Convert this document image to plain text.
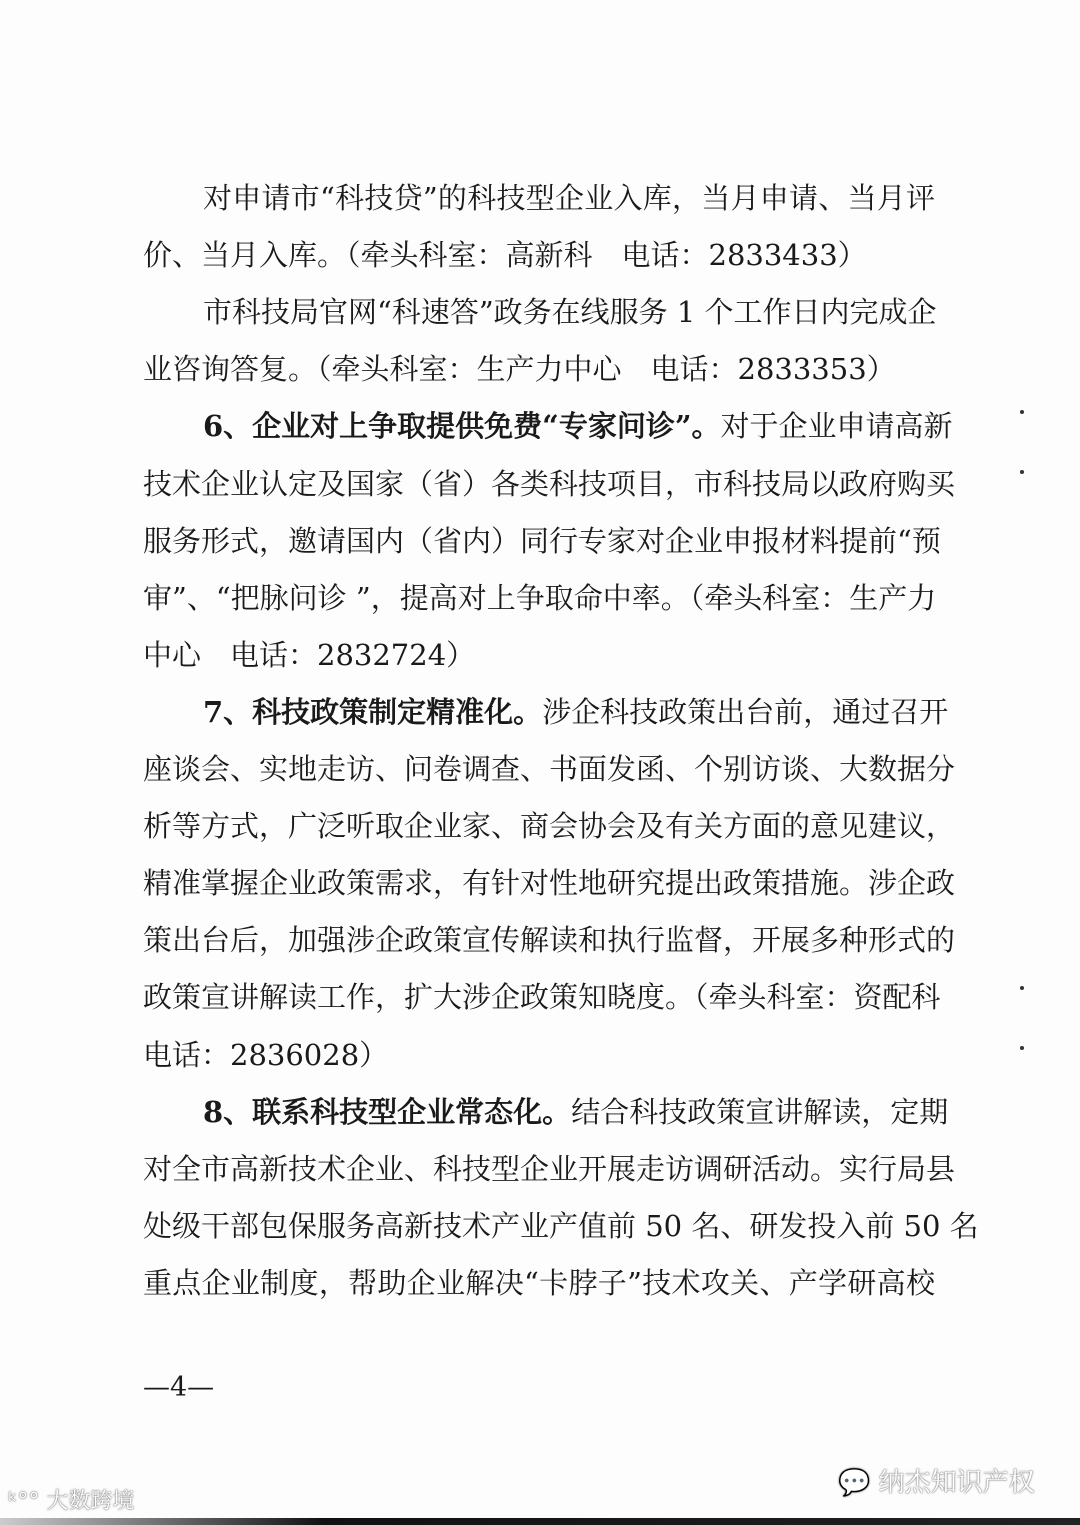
对申请市“科技贷”的科技型企业入库，当月申请、当月评
价、当月入库。（牵头科室：高新科　电话：2833433）
市科技局官网“科速答”政务在线服务 1 个工作日内完成企
业咨询答复。（牵头科室：生产力中心　电话：2833353）
6、企业对上争取提供免费“专家问诊”。对于企业申请高新
技术企业认定及国家（省）各类科技项目，市科技局以政府购买
服务形式，邀请国内（省内）同行专家对企业申报材料提前“预
审”、“把脉问诊 ”，提高对上争取命中率。（牵头科室：生产力
中心　电话：2832724）
7、科技政策制定精准化。涉企科技政策出台前，通过召开
座谈会、实地走访、问卷调查、书面发函、个别访谈、大数据分
析等方式，广泛听取企业家、商会协会及有关方面的意见建议，
精准掌握企业政策需求，有针对性地研究提出政策措施。涉企政
策出台后，加强涉企政策宣传解读和执行监督，开展多种形式的
政策宣讲解读工作，扩大涉企政策知晓度。（牵头科室：资配科
电话：2836028）
8、联系科技型企业常态化。结合科技政策宣讲解读，定期
对全市高新技术企业、科技型企业开展走访调研活动。实行局县
处级干部包保服务高新技术产业产值前 50 名、研发投入前 50 名
重点企业制度，帮助企业解决“卡脖子”技术攻关、产学研高校
—4—
ᵏ°° 大数跨境
💬 纳杰知识产权
